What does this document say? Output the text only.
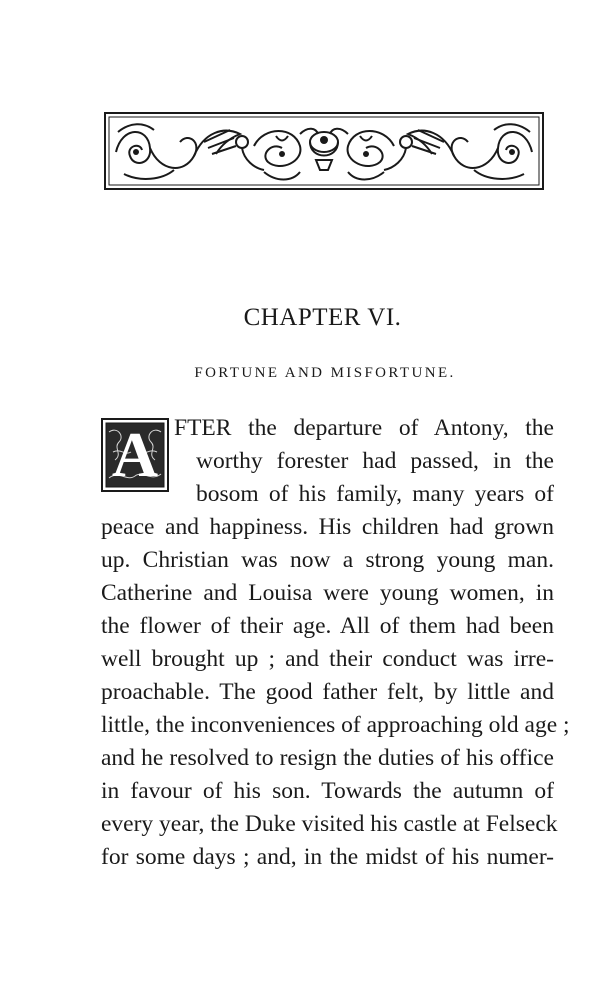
CHAPTER VI.
FORTUNE AND MISFORTUNE.
A FTER the departure of Antony, the
worthy forester had passed, in the
bosom of his family, many years of
peace and happiness. His children had grown
up. Christian was now a strong young man.
Catherine and Louisa were young women, in
the flower of their age. All of them had been
well brought up ; and their conduct was irre-
proachable. The good father felt, by little and
little, the inconveniences of approaching old age ;
and he resolved to resign the duties of his office
in favour of his son. Towards the autumn of
every year, the Duke visited his castle at Felseck
for some days ; and, in the midst of his numer-
